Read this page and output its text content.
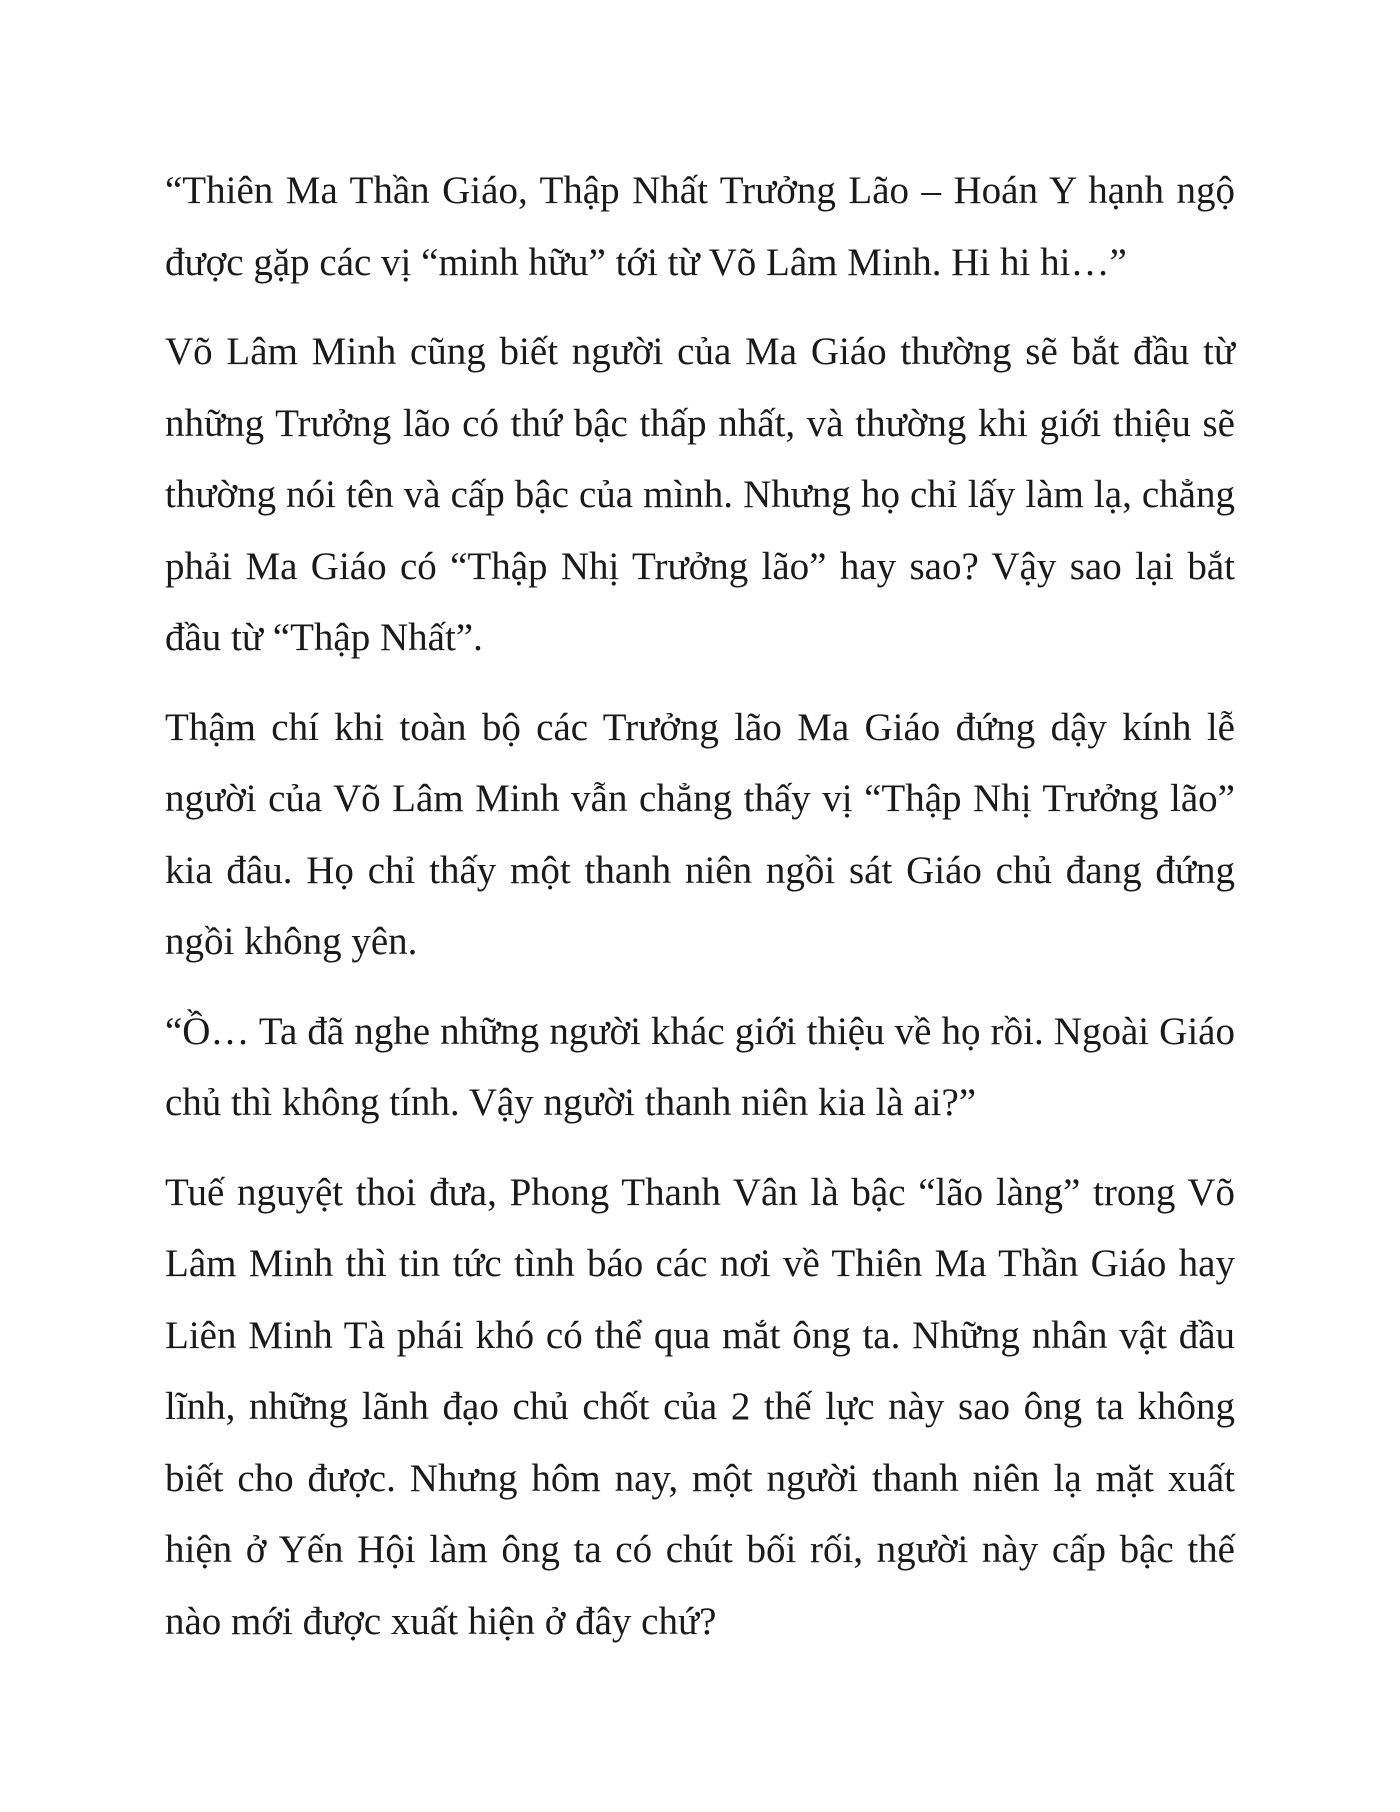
“Thiên Ma Thần Giáo, Thập Nhất Trưởng Lão – Hoán Y hạnh ngộ được gặp các vị “minh hữu” tới từ Võ Lâm Minh. Hi hi hi…”

Võ Lâm Minh cũng biết người của Ma Giáo thường sẽ bắt đầu từ những Trưởng lão có thứ bậc thấp nhất, và thường khi giới thiệu sẽ thường nói tên và cấp bậc của mình. Nhưng họ chỉ lấy làm lạ, chẳng phải Ma Giáo có “Thập Nhị Trưởng lão” hay sao? Vậy sao lại bắt đầu từ “Thập Nhất”.

Thậm chí khi toàn bộ các Trưởng lão Ma Giáo đứng dậy kính lễ người của Võ Lâm Minh vẫn chẳng thấy vị “Thập Nhị Trưởng lão” kia đâu. Họ chỉ thấy một thanh niên ngồi sát Giáo chủ đang đứng ngồi không yên.

“Ồ… Ta đã nghe những người khác giới thiệu về họ rồi. Ngoài Giáo chủ thì không tính. Vậy người thanh niên kia là ai?”

Tuế nguyệt thoi đưa, Phong Thanh Vân là bậc “lão làng” trong Võ Lâm Minh thì tin tức tình báo các nơi về Thiên Ma Thần Giáo hay Liên Minh Tà phái khó có thể qua mắt ông ta. Những nhân vật đầu lĩnh, những lãnh đạo chủ chốt của 2 thế lực này sao ông ta không biết cho được. Nhưng hôm nay, một người thanh niên lạ mặt xuất hiện ở Yến Hội làm ông ta có chút bối rối, người này cấp bậc thế nào mới được xuất hiện ở đây chứ?
